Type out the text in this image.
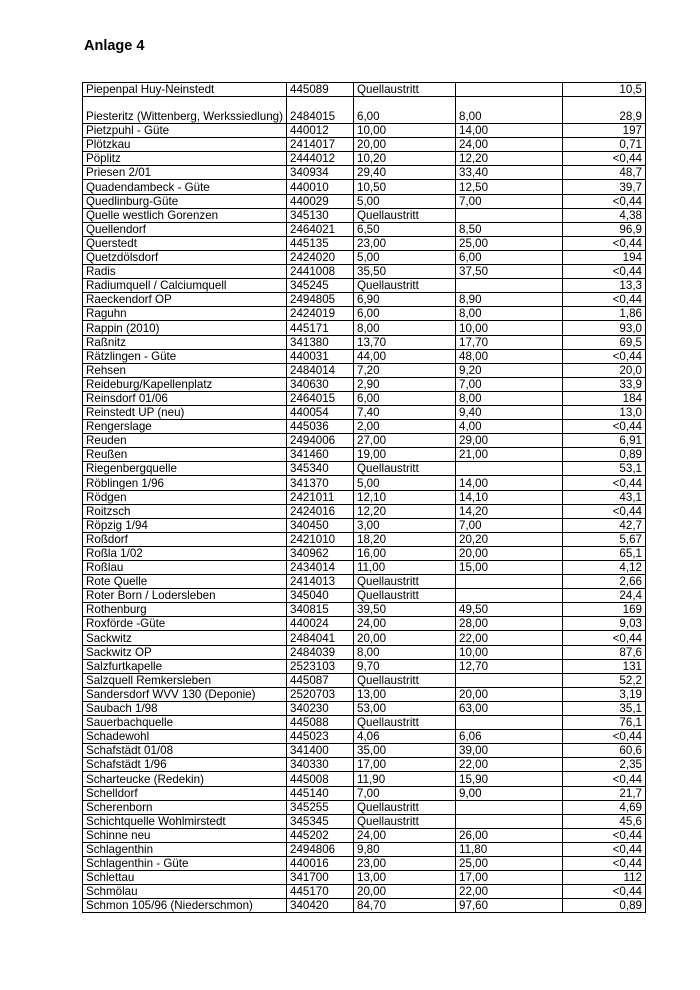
Anlage 4
Piepenpal Huy-Neinstedt	445089	Quellaustritt		10,5
Piesteritz (Wittenberg, Werkssiedlung)	2484015	6,00	8,00	28,9
Pietzpuhl - Güte	440012	10,00	14,00	197
Plötzkau	2414017	20,00	24,00	0,71
Pöplitz	2444012	10,20	12,20	<0,44
Priesen 2/01	340934	29,40	33,40	48,7
Quadendambeck - Güte	440010	10,50	12,50	39,7
Quedlinburg-Güte	440029	5,00	7,00	<0,44
Quelle westlich Gorenzen	345130	Quellaustritt		4,38
Quellendorf	2464021	6,50	8,50	96,9
Querstedt	445135	23,00	25,00	<0,44
Quetzdölsdorf	2424020	5,00	6,00	194
Radis	2441008	35,50	37,50	<0,44
Radiumquell / Calciumquell	345245	Quellaustritt		13,3
Raeckendorf OP	2494805	6,90	8,90	<0,44
Raguhn	2424019	6,00	8,00	1,86
Rappin (2010)	445171	8,00	10,00	93,0
Raßnitz	341380	13,70	17,70	69,5
Rätzlingen - Güte	440031	44,00	48,00	<0,44
Rehsen	2484014	7,20	9,20	20,0
Reideburg/Kapellenplatz	340630	2,90	7,00	33,9
Reinsdorf 01/06	2464015	6,00	8,00	184
Reinstedt UP (neu)	440054	7,40	9,40	13,0
Rengerslage	445036	2,00	4,00	<0,44
Reuden	2494006	27,00	29,00	6,91
Reußen	341460	19,00	21,00	0,89
Riegenbergquelle	345340	Quellaustritt		53,1
Röblingen 1/96	341370	5,00	14,00	<0,44
Rödgen	2421011	12,10	14,10	43,1
Roitzsch	2424016	12,20	14,20	<0,44
Röpzig 1/94	340450	3,00	7,00	42,7
Roßdorf	2421010	18,20	20,20	5,67
Roßla 1/02	340962	16,00	20,00	65,1
Roßlau	2434014	11,00	15,00	4,12
Rote Quelle	2414013	Quellaustritt		2,66
Roter Born / Lodersleben	345040	Quellaustritt		24,4
Rothenburg	340815	39,50	49,50	169
Roxförde -Güte	440024	24,00	28,00	9,03
Sackwitz	2484041	20,00	22,00	<0,44
Sackwitz OP	2484039	8,00	10,00	87,6
Salzfurtkapelle	2523103	9,70	12,70	131
Salzquell Remkersleben	445087	Quellaustritt		52,2
Sandersdorf WVV 130 (Deponie)	2520703	13,00	20,00	3,19
Saubach 1/98	340230	53,00	63,00	35,1
Sauerbachquelle	445088	Quellaustritt		76,1
Schadewohl	445023	4,06	6,06	<0,44
Schafstädt 01/08	341400	35,00	39,00	60,6
Schafstädt 1/96	340330	17,00	22,00	2,35
Scharteucke (Redekin)	445008	11,90	15,90	<0,44
Schelldorf	445140	7,00	9,00	21,7
Scherenborn	345255	Quellaustritt		4,69
Schichtquelle Wohlmirstedt	345345	Quellaustritt		45,6
Schinne neu	445202	24,00	26,00	<0,44
Schlagenthin	2494806	9,80	11,80	<0,44
Schlagenthin - Güte	440016	23,00	25,00	<0,44
Schlettau	341700	13,00	17,00	112
Schmölau	445170	20,00	22,00	<0,44
Schmon 105/96 (Niederschmon)	340420	84,70	97,60	0,89
